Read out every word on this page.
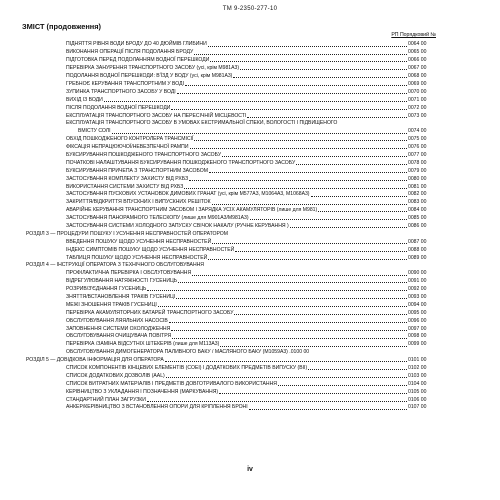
ТМ 9-2350-277-10
ЗМІСТ (продовження)
РП Порядковий №
ПІДНЯТТЯ РІВНЯ ВОДИ БРОДУ ДО 40 ДЮЙМІВ ГЛИБИНИ	0064 00
ВИКОНАННЯ ОПЕРАЦІЇ ПІСЛЯ ПОДОЛАННЯ БРОДУ	0065 00
ПІДГОТОВКА ПЕРЕД ПОДОЛАННЯМ ВОДНОЇ ПЕРЕШКОДИ	0066 00
ПЕРЕВІРКА ЗАНУРЕННЯ ТРАНСПОРТНОГО ЗАСОБУ (усі, крім M981A3)	0067 00
ПОДОЛАННЯ ВОДНОЇ ПЕРЕШКОДИ: В'ЇЗД У ВОДУ (усі, крім M981A3)	0068 00
ГРЕБНОЄ КЕРУВАННЯ ТРАНСПОРТНИМ У ВОДІ	0069 00
ЗУПИНКА ТРАНСПОРТНОГО ЗАСОБУ У ВОДІ	0070 00
ВИХІД ІЗ ВОДИ	0071 00
ПІСЛЯ ПОДОЛАННЯ ВОДНОЇ ПЕРЕШКОДИ	0072 00
ЕКСПЛУАТАЦІЯ ТРАНСПОРТНОГО ЗАСОБУ НА ПЕРЕСІЧНІЙ МІСЦЕВОСТІ	0073 00
ЕКСПЛУАТАЦІЯ ТРАНСПОРТНОГО ЗАСОБУ В УМОВАХ ЕКСТРИМАЛЬНОЇ СПЕКИ, ВОЛОГОСТІ І ПІДВИЩЕНОГО
ВМІСТУ СОЛІ	0074 00
ОБХІД ПОШКОДЖЕНОГО КОНТРОЛЕРА ТРАНСМІСІЇ	0075 00
ФІКСАЦІЯ НЕПРАЦЮЮЧОЇ/НЕВЕЗПЕЧНОЇ РАМПИ	0076 00
БУКСИРУВАННЯ ПОШКОДЖЕНОГО ТРАНСПОРТНОГО ЗАСОБУ	0077 00
ПОЧАТКОВІ НАЛАШТУВАННЯ БУКСИРУВАННЯ ПОШКОДЖЕНОГО ТРАНСПОРТНОГО ЗАСОБУ	0078 00
БУКСИРУВАННЯ ПРИЧЕПА З ТРАНСПОРТНИМ ЗАСОБОМ	0079 00
ЗАСТОСУВАННЯ КОМПЛЕКТУ ЗАХИСТУ ВІД РХБЗ	0080 00
ВИКОРИСТАННЯ СИСТЕМИ ЗАХИСТУ ВІД РХБЗ	0081 00
ЗАСТОСУВАННЯ ПУСКОВИХ УСТАНОВОК ДИМОВИХ ГРАНАТ (усі, крім M577A3, M1064A3, M1068A3)	0082 00
ЗАКРИТТЯ/ВІДКРИТТЯ ВПУСКНИХ І ВИПУСКНИХ РЕШІТОК	0083 00
АВАРІЙНЕ КЕРУВАННЯ ТРАНСПОРТНИМ ЗАСОБОМ І ЗАРЯДКА УСІХ АКАМУЛЯТОРІВ (лише для M981)	0084 00
ЗАСТОСУВАННЯ ПАНОРАМНОГО ТЕЛЕСКОПУ (лише для M901A3/M981A3)	0085 00
ЗАСТОСУВАННЯ СИСТЕМИ ХОЛОДНОГО ЗАПУСКУ СВІЧОК НАКАЛУ (РУЧНЕ КЕРУВАННЯ )	0086 00
РОЗДІЛ 3 — ПРОЦЕДУРИ ПОШУКУ І УСУНЕННЯ НЕСПРАВНОСТЕЙ ОПЕРАТОРОМ
ВВЕДЕННЯ ПОШУКУ ЩОДО УСУНЕННЯ НЕСПРАВНОСТЕЙ	0087 00
ІНДЕКС СИМПТОМІВ ПОШУКУ ЩОДО УСУНЕННЯ НЕСПРАВНОСТЕЙ	0088 00
ТАБЛИЦЯ ПОШУКУ ЩОДО УСУНЕННЯ НЕСПРАВНОСТЕЙ	0089 00
РОЗДІЛ 4 — ІНСТРУКЦІЇ ОПЕРАТОРА З ТЕХНІЧНОГО ОБСЛУГОВУВАННЯ
ПРОФІЛАКТИЧНА ПЕРЕВІРКА І ОБСЛУГОВУВАННЯ	0090 00
ВІДРЕГУЛЮВАННЯ НАТЯЖНОСТІ ГУСЕНИЦЬ	0091 00
РОЗРИВ/З'ЄДНАННЯ ГУСЕНИЦЬ	0092 00
ЗНЯТТЯ/ВСТАНОВЛЕННЯ ТРАКІВ ГУСЕНИЦІ	0093 00
МЕЖІ ЗНОШЕННЯ ТРАКІВ ГУСЕНИЦІ	0094 00
ПЕРЕВІРКА АКАМУЛЯТОРНИХ БАТАРЕЙ ТРАНСПОРТНОГО ЗАСОБУ	0095 00
ОБСЛУГОВУВАННЯ ЛЯЯЛЬНИХ НАСОСІВ	0096 00
ЗАПОВНЕННЯ СИСТЕМИ ОХОЛОДЖЕННЯ	0097 00
ОБСЛУГОВУВАННЯ ОЧИЩУВАЧА ПОВІТРЯ	0098 00
ПЕРЕВІРКА /ЗАМІНА ВІДСУТНІХ ШТЕКЕРІВ (лише для M113A3)	0099 00
ОБСЛУГОВУВАННЯ ДИМОГЕНЕРАТОРА ПАЛИВНОГО БАКУ / МАСЛЯНОГО БАКУ (M1059A3) .0100 00
РОЗДІЛ 5 — ДОВІДКОВА ІНФОРМАЦІЯ ДЛЯ ОПЕРАТОРА	0101 00
СПИСОК КОМПОНЕНТІВ КІНЦЕВИХ ЕЛЕМЕНТІВ (COEI) І ДОДАТКОВИХ ПРЕДМЕТІВ ВИПУСКУ (BII)	0102 00
СПИСОК ДОДАТКОВИХ ДОЗВОЛІВ (AAL)	0103 00
СПИСОК ВИТРАТНИХ МАТЕРІАЛІВ І ПРЕДМЕТІВ ДОВГОТРИВАЛОГО ВИКОРИСТАННЯ	0104 00
КЕРІВНИЦТВО З УКЛАДАННЯ І ПОЗНАЧЕННЯ (МАРКУВАННЯ)	0105 00
СТАНДАРТНИЙ ПЛАН ЗАГРУЗКИ	0106 00
АНКЕР/КЕРІВНИЦТВО З ВСТАНОВЛЕННЯ ОПОРИ ДЛЯ КРІПЛЕННЯ БРОНІ	0107 00
iv
